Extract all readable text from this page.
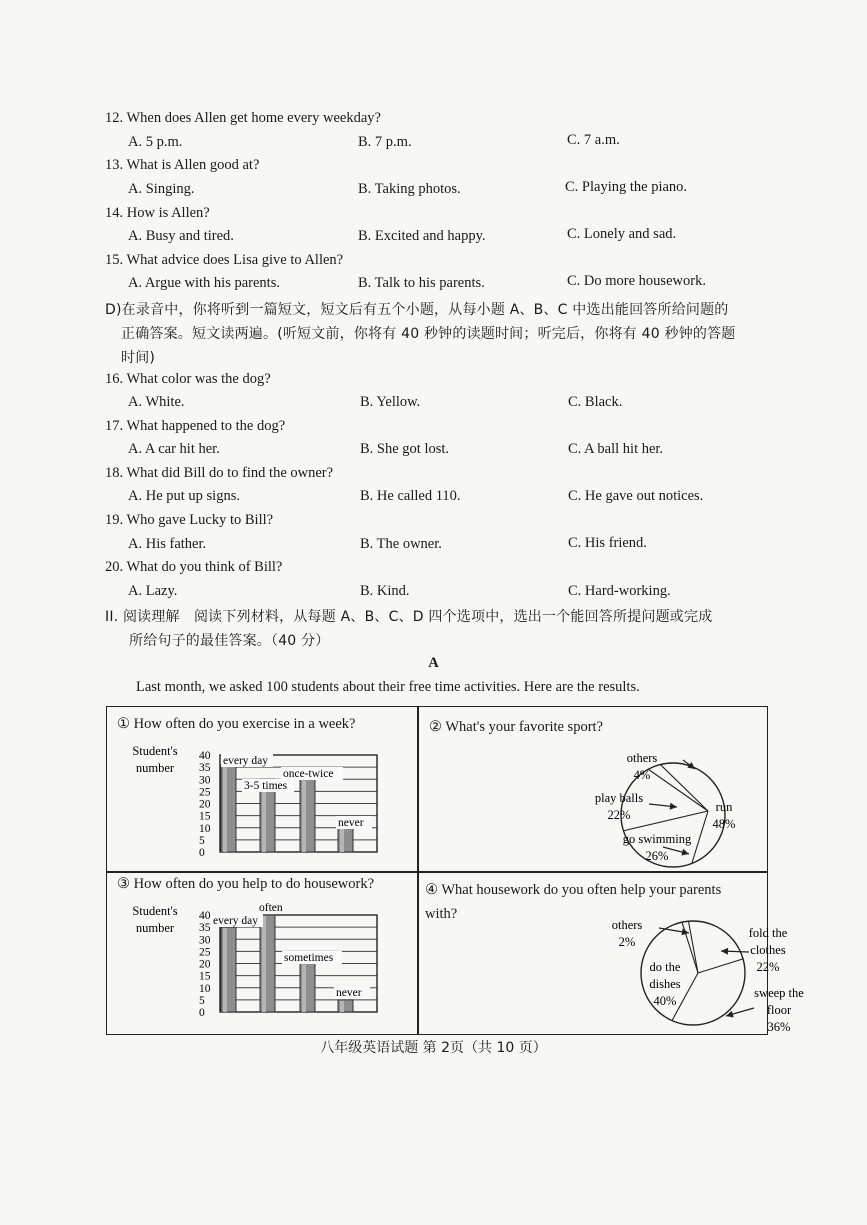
12. When does Allen get home every weekday?
A. 5 p.m.	B. 7 p.m.	C. 7 a.m.
13. What is Allen good at?
A. Singing.	B. Taking photos.	C. Playing the piano.
14. How is Allen?
A. Busy and tired.	B. Excited and happy.	C. Lonely and sad.
15. What advice does Lisa give to Allen?
A. Argue with his parents.	B. Talk to his parents.	C. Do more housework.
D)在录音中，你将听到一篇短文，短文后有五个小题，从每小题 A、B、C 中选出能回答所给问题的
正确答案。短文读两遍。(听短文前，你将有 40 秒钟的读题时间；听完后，你将有 40 秒钟的答题
时间)
16. What color was the dog?
A. White.	B. Yellow.	C. Black.
17. What happened to the dog?
A. A car hit her.	B. She got lost.	C. A ball hit her.
18. What did Bill do to find the owner?
A. He put up signs.	B. He called 110.	C. He gave out notices.
19. Who gave Lucky to Bill?
A. His father.	B. The owner.	C. His friend.
20. What do you think of Bill?
A. Lazy.	B. Kind.	C. Hard-working.
II. 阅读理解　阅读下列材料，从每题 A、B、C、D 四个选项中，选出一个能回答所提问题或完成
所给句子的最佳答案。（40 分）
A
Last month, we asked 100 students about their free time activities. Here are the results.
① How often do you exercise in a week?
Student's
number
0
5
10
15
20
25
30
35
40 every day
3-5 times
once-twice
never
② What's your favorite sport?
run
48%
go swimming
26%
play balls
22%
others
4%
③ How often do you help to do housework?
Student's
number
0
5
10
15
20
25
30
35
40 every day
often
sometimes
never
④ What housework do you often help your parents with?
fold the
clothes
22%
sweep the
floor
36%
do the
dishes
40%
others
2%
八年级英语试题 第 2页（共 10 页）
